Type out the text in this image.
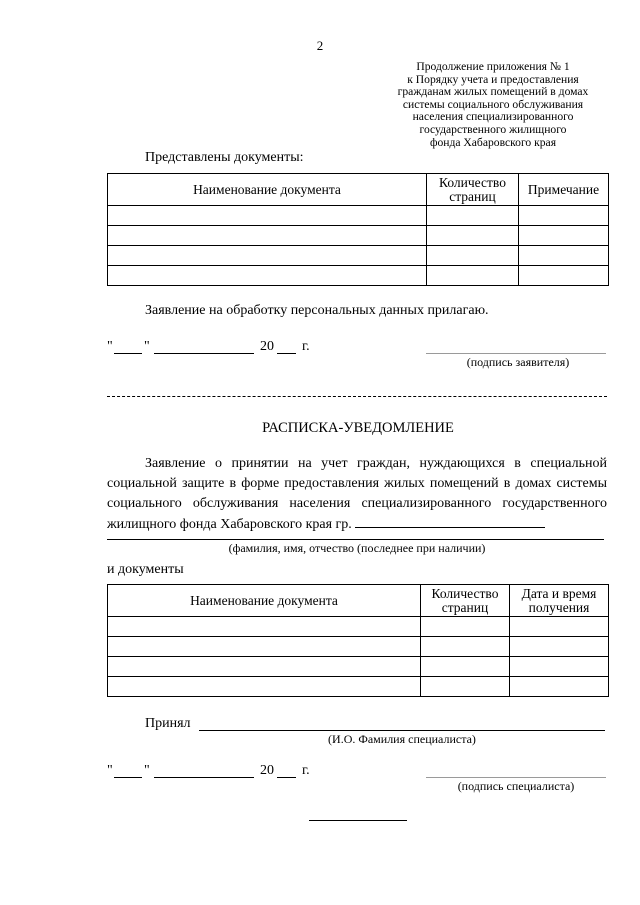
2
Продолжение приложения № 1
к Порядку учета и предоставления
гражданам жилых помещений в домах
системы социального обслуживания
населения специализированного
государственного жилищного
фонда Хабаровского края
Представлены документы:
Наименование документа	Количество страниц	Примечание

Заявление на обработку персональных данных прилагаю.
" "	20 г.
(подпись заявителя)
РАСПИСКА-УВЕДОМЛЕНИЕ
Заявление о принятии на учет граждан, нуждающихся в специальной социальной защите в форме предоставления жилых помещений в домах системы социального обслуживания населения специализированного государственного жилищного фонда Хабаровского края гр.
(фамилия, имя, отчество (последнее при наличии)
и документы
Наименование документа	Количество страниц	Дата и время получения

Принял
(И.О. Фамилия специалиста)
" "	20 г.
(подпись специалиста)
